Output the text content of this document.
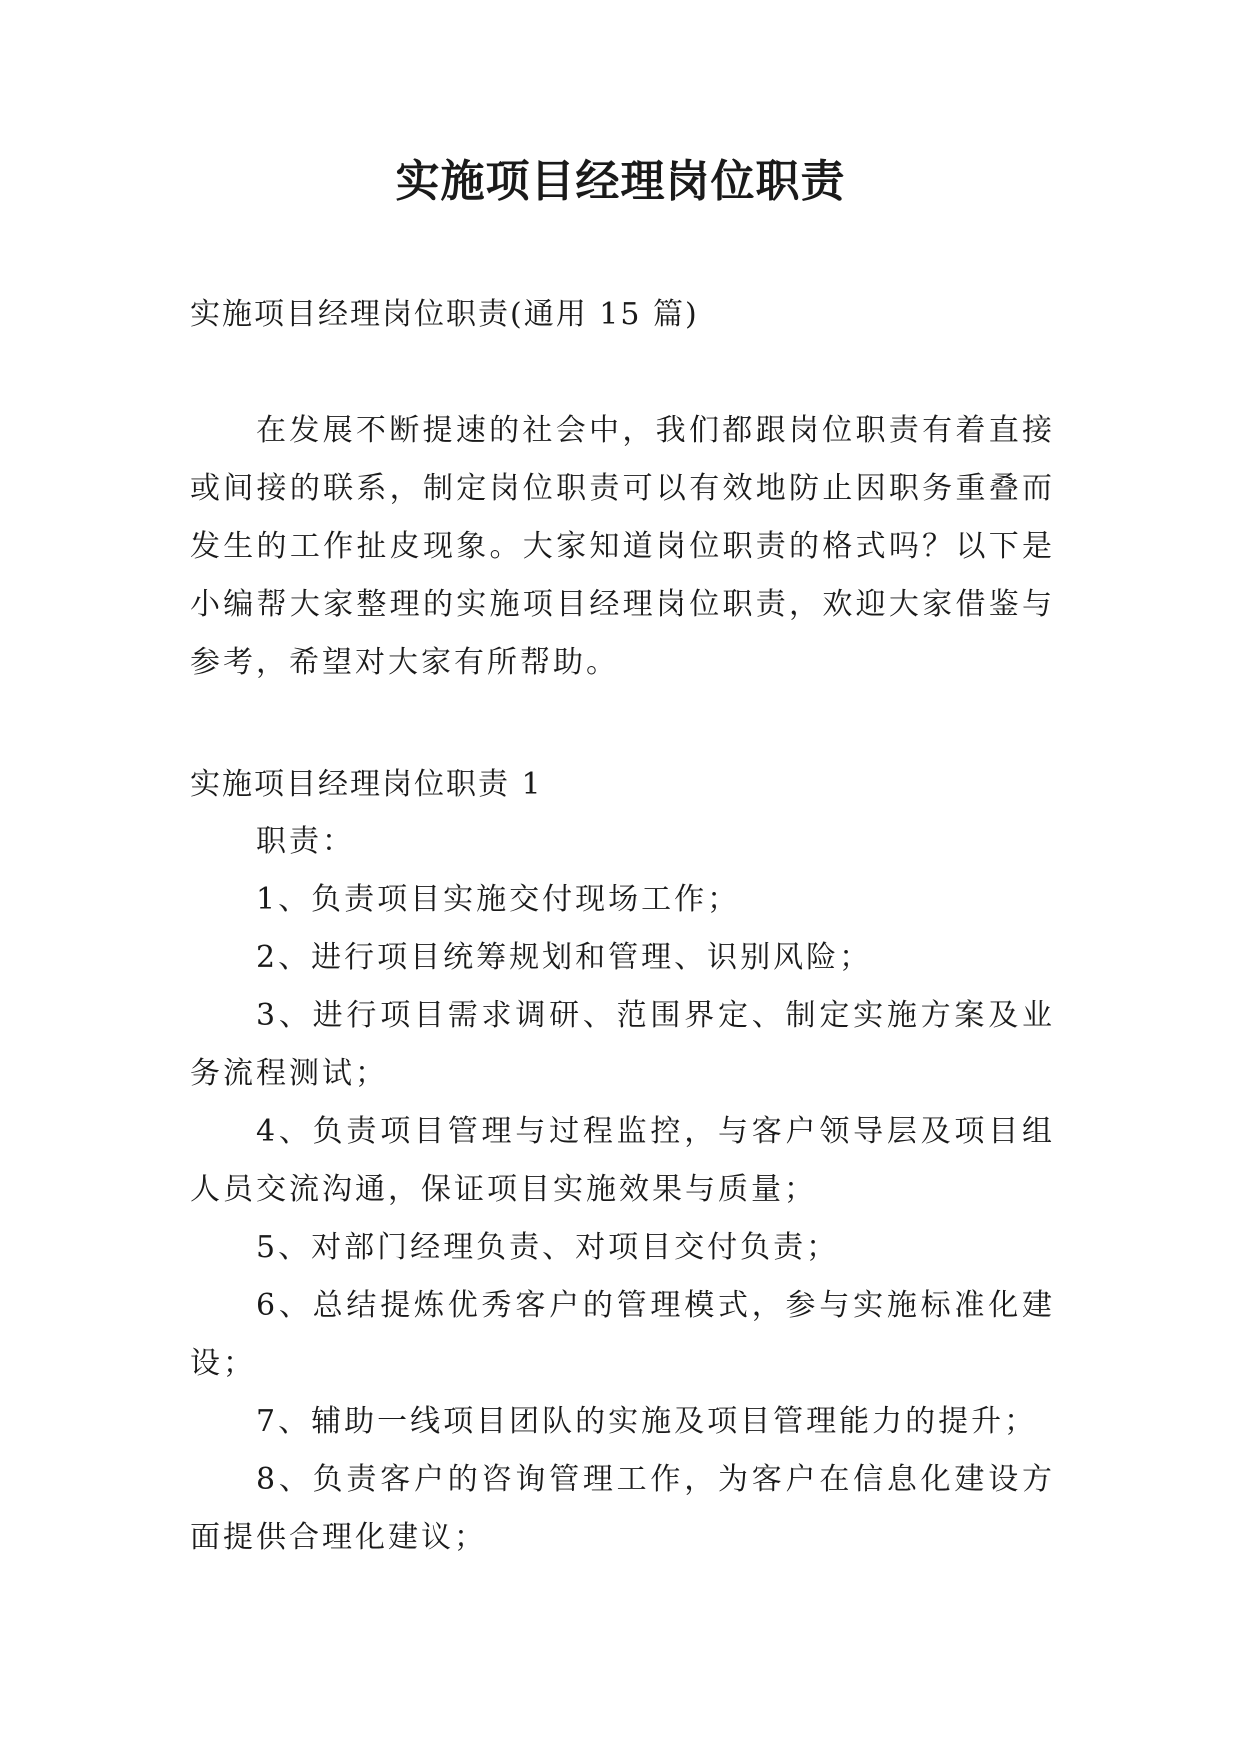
实施项目经理岗位职责

实施项目经理岗位职责(通用 15 篇)

在发展不断提速的社会中，我们都跟岗位职责有着直接或间接的联系，制定岗位职责可以有效地防止因职务重叠而发生的工作扯皮现象。大家知道岗位职责的格式吗？以下是小编帮大家整理的实施项目经理岗位职责，欢迎大家借鉴与参考，希望对大家有所帮助。

实施项目经理岗位职责 1

职责：
1、负责项目实施交付现场工作；
2、进行项目统筹规划和管理、识别风险；
3、进行项目需求调研、范围界定、制定实施方案及业务流程测试；
4、负责项目管理与过程监控，与客户领导层及项目组人员交流沟通，保证项目实施效果与质量；
5、对部门经理负责、对项目交付负责；
6、总结提炼优秀客户的管理模式，参与实施标准化建设；
7、辅助一线项目团队的实施及项目管理能力的提升；
8、负责客户的咨询管理工作，为客户在信息化建设方面提供合理化建议；
